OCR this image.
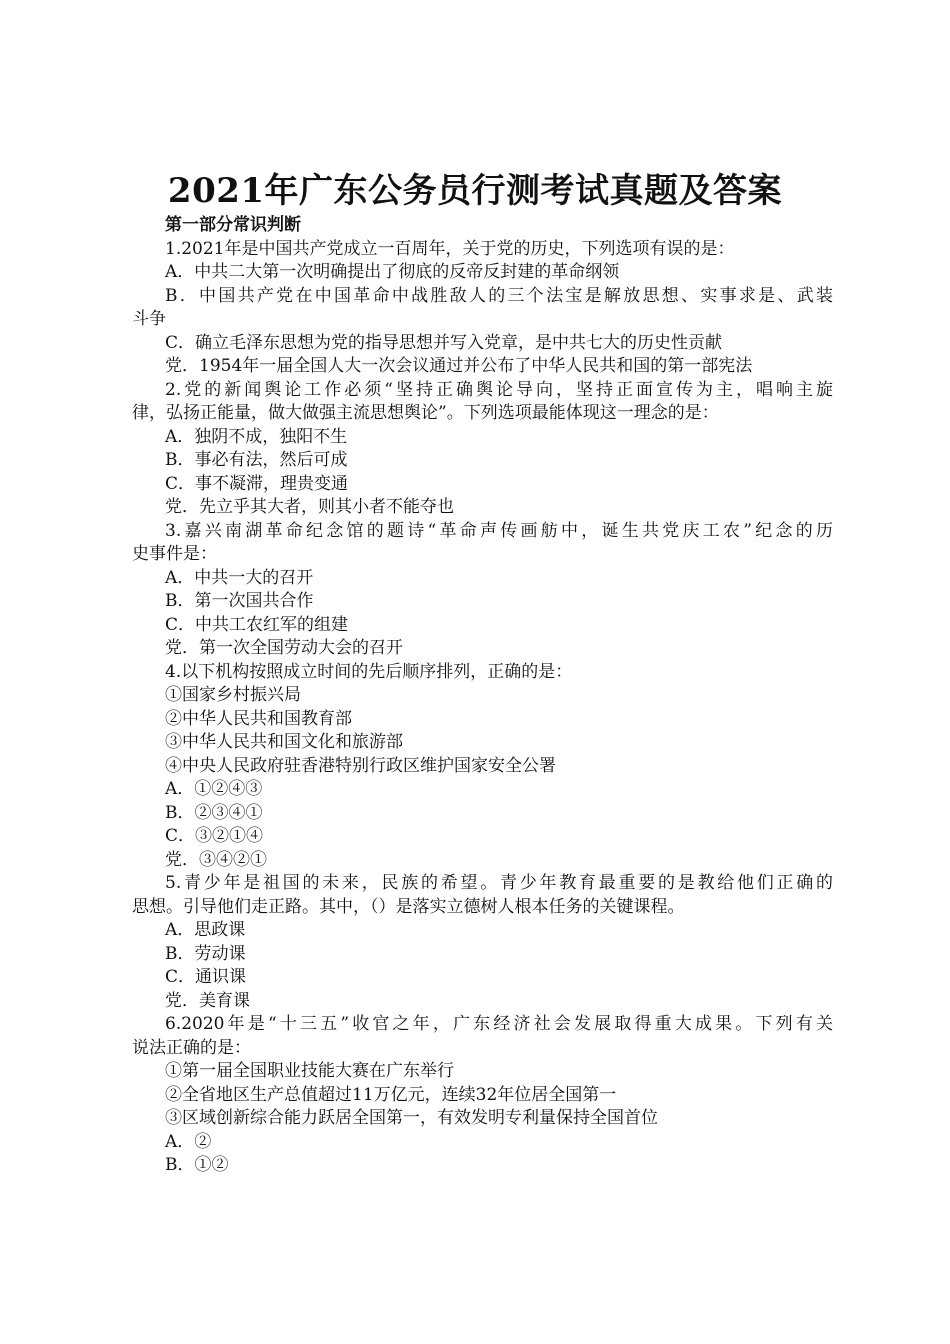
2021年广东公务员行测考试真题及答案
第一部分常识判断
1.2021年是中国共产党成立一百周年，关于党的历史，下列选项有误的是：
A．中共二大第一次明确提出了彻底的反帝反封建的革命纲领
B．中国共产党在中国革命中战胜敌人的三个法宝是解放思想、实事求是、武装
斗争
C．确立毛泽东思想为党的指导思想并写入党章，是中共七大的历史性贡献
党．1954年一届全国人大一次会议通过并公布了中华人民共和国的第一部宪法
2.党的新闻舆论工作必须“坚持正确舆论导向，坚持正面宣传为主，唱响主旋
律，弘扬正能量，做大做强主流思想舆论”。下列选项最能体现这一理念的是：
A．独阴不成，独阳不生
B．事必有法，然后可成
C．事不凝滞，理贵变通
党．先立乎其大者，则其小者不能夺也
3.嘉兴南湖革命纪念馆的题诗“革命声传画舫中，诞生共党庆工农”纪念的历
史事件是：
A．中共一大的召开
B．第一次国共合作
C．中共工农红军的组建
党．第一次全国劳动大会的召开
4.以下机构按照成立时间的先后顺序排列，正确的是：
①国家乡村振兴局
②中华人民共和国教育部
③中华人民共和国文化和旅游部
④中央人民政府驻香港特别行政区维护国家安全公署
A．①②④③
B．②③④①
C．③②①④
党．③④②①
5.青少年是祖国的未来，民族的希望。青少年教育最重要的是教给他们正确的
思想。引导他们走正路。其中，（）是落实立德树人根本任务的关键课程。
A．思政课
B．劳动课
C．通识课
党．美育课
6.2020年是“十三五”收官之年，广东经济社会发展取得重大成果。下列有关
说法正确的是：
①第一届全国职业技能大赛在广东举行
②全省地区生产总值超过11万亿元，连续32年位居全国第一
③区域创新综合能力跃居全国第一，有效发明专利量保持全国首位
A．②
B．①②
